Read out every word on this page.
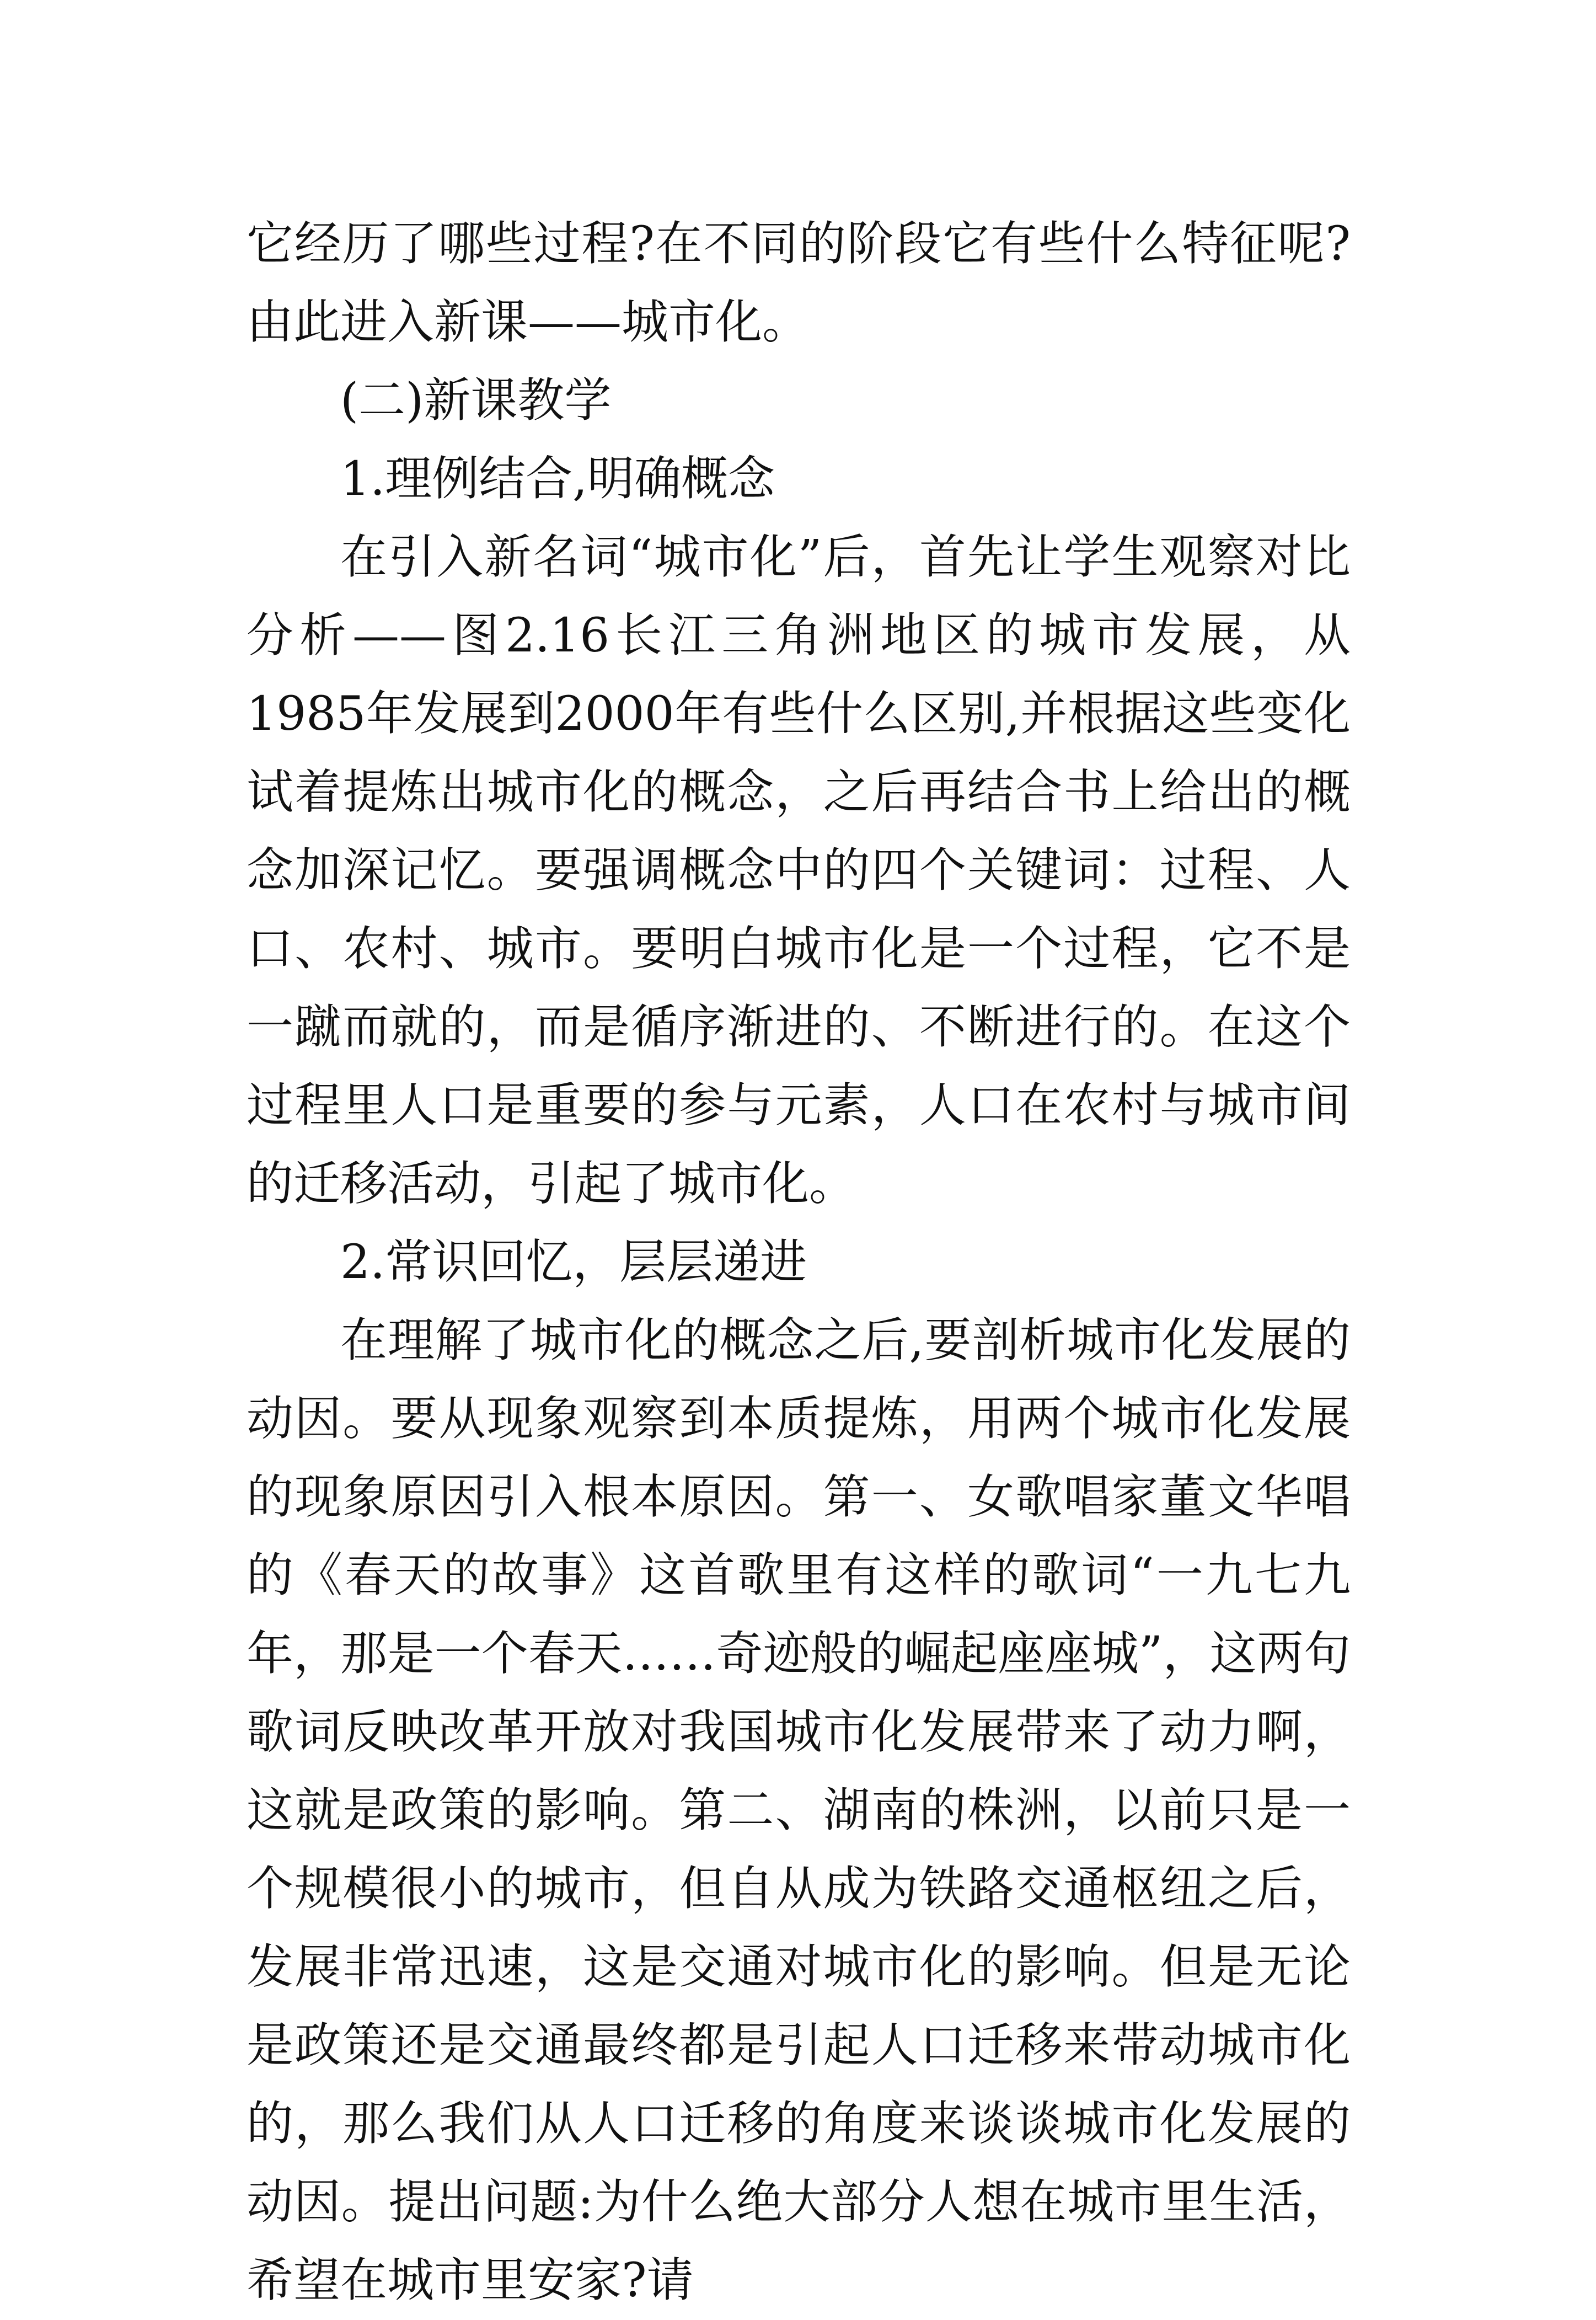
它经历了哪些过程?在不同的阶段它有些什么特征呢?由此进入新课——城市化。

(二)新课教学

1.理例结合,明确概念

在引入新名词“城市化”后，首先让学生观察对比分析——图2.16长江三角洲地区的城市发展，从1985年发展到2000年有些什么区别,并根据这些变化试着提炼出城市化的概念，之后再结合书上给出的概念加深记忆。要强调概念中的四个关键词：过程、人口、农村、城市。要明白城市化是一个过程，它不是一蹴而就的，而是循序渐进的、不断进行的。在这个过程里人口是重要的参与元素，人口在农村与城市间的迁移活动，引起了城市化。

2.常识回忆，层层递进

在理解了城市化的概念之后,要剖析城市化发展的动因。要从现象观察到本质提炼，用两个城市化发展的现象原因引入根本原因。第一、女歌唱家董文华唱的《春天的故事》这首歌里有这样的歌词“一九七九年，那是一个春天……奇迹般的崛起座座城”，这两句歌词反映改革开放对我国城市化发展带来了动力啊，这就是政策的影响。第二、湖南的株洲，以前只是一个规模很小的城市，但自从成为铁路交通枢纽之后，发展非常迅速，这是交通对城市化的影响。但是无论是政策还是交通最终都是引起人口迁移来带动城市化的，那么我们从人口迁移的角度来谈谈城市化发展的动因。提出问题:为什么绝大部分人想在城市里生活，希望在城市里安家?请
